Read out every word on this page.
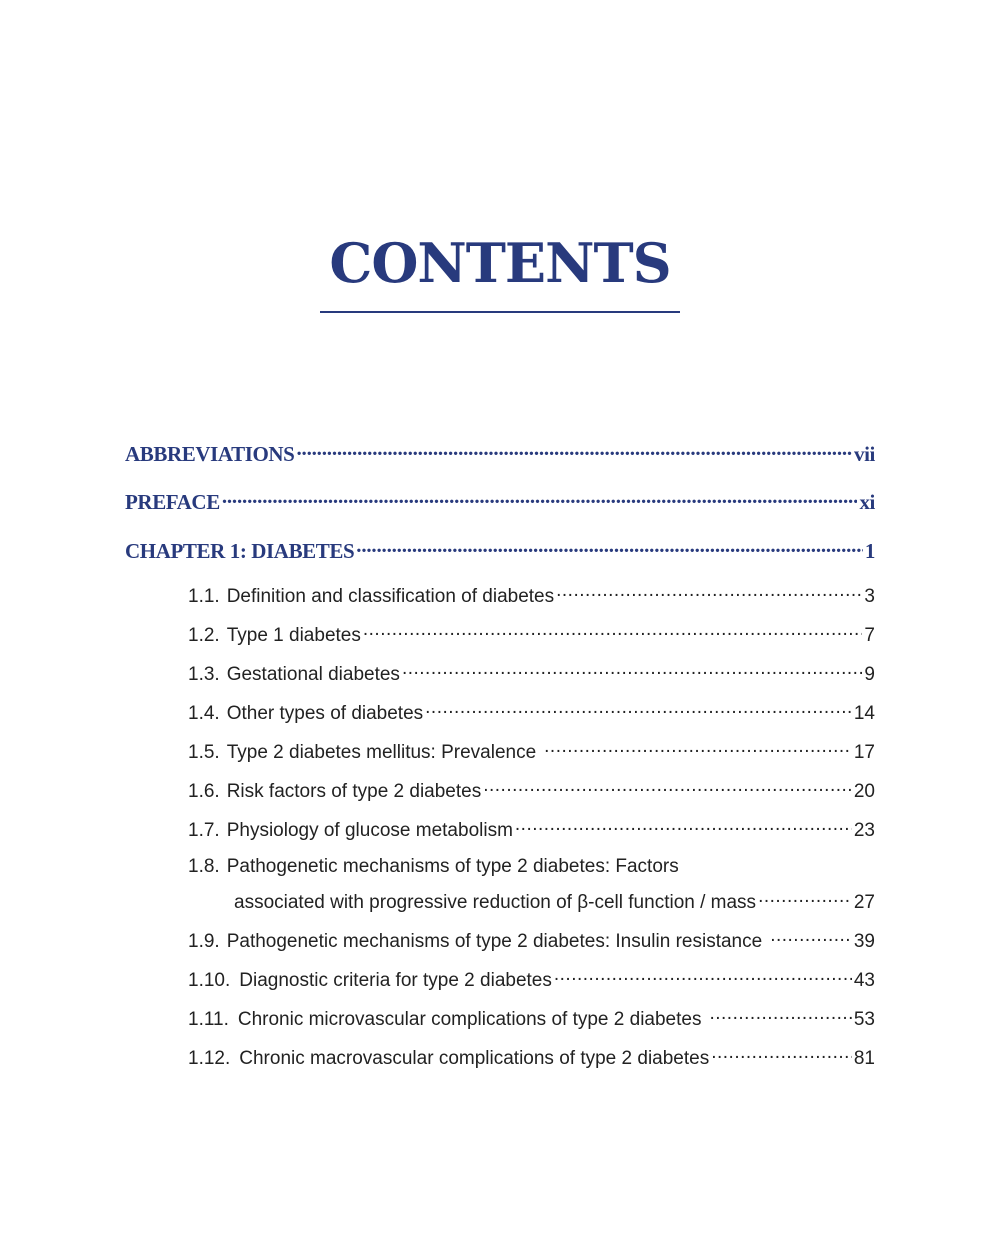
CONTENTS
ABBREVIATIONS .....	vii
PREFACE .....	xi
CHAPTER 1: DIABETES .....	1
1.1. Definition and classification of diabetes .....	3
1.2. Type 1 diabetes .....	7
1.3. Gestational diabetes .....	9
1.4. Other types of diabetes .....	14
1.5. Type 2 diabetes mellitus: Prevalence .....	17
1.6. Risk factors of type 2 diabetes .....	20
1.7. Physiology of glucose metabolism .....	23
1.8. Pathogenetic mechanisms of type 2 diabetes: Factors
associated with progressive reduction of β-cell function / mass .....	27
1.9. Pathogenetic mechanisms of type 2 diabetes: Insulin resistance .....	39
1.10. Diagnostic criteria for type 2 diabetes .....	43
1.11. Chronic microvascular complications of type 2 diabetes .....	53
1.12. Chronic macrovascular complications of type 2 diabetes .....	81
